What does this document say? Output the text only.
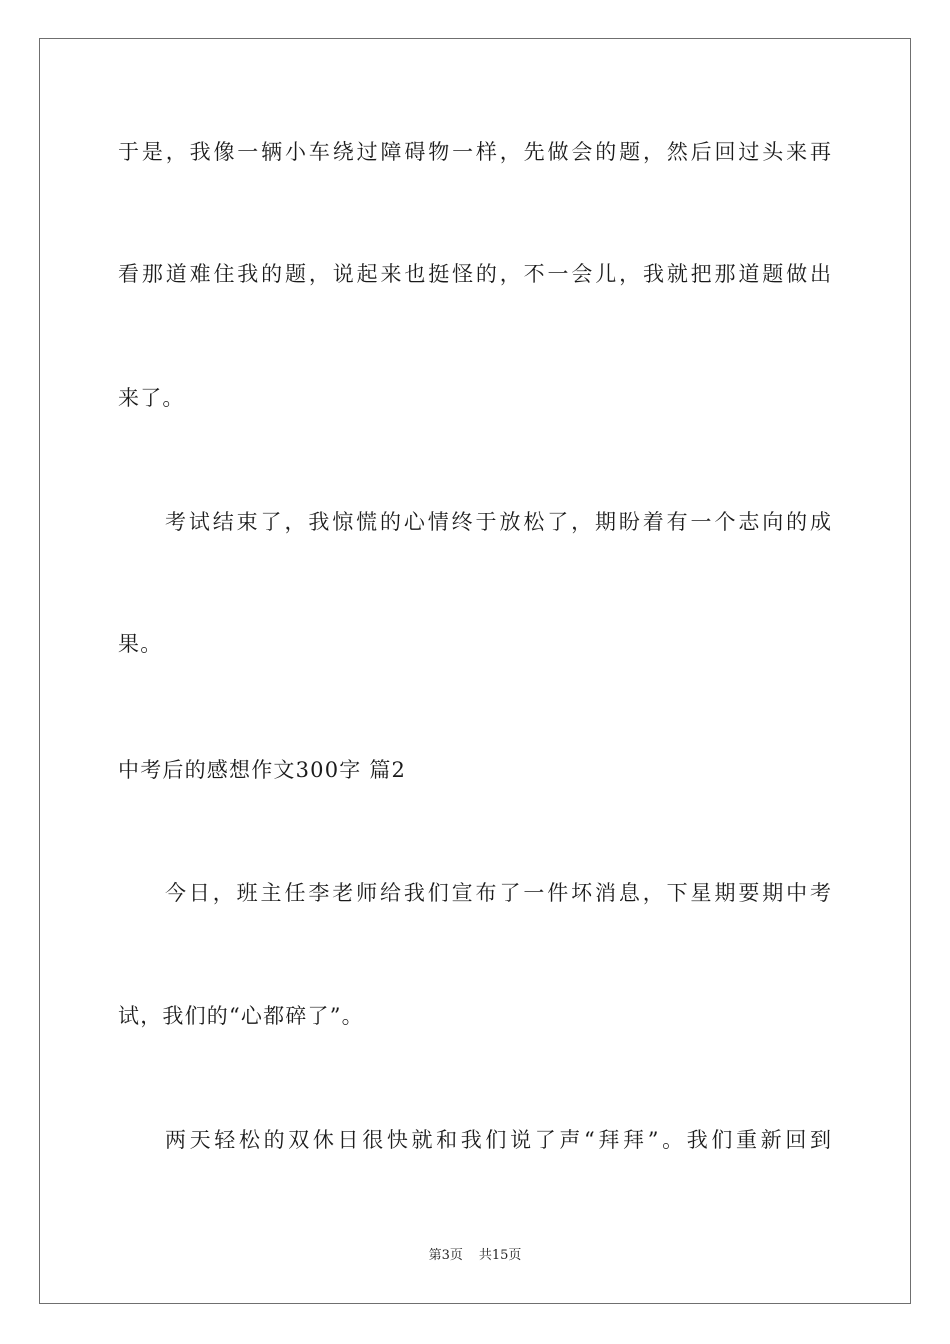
于是，我像一辆小车绕过障碍物一样，先做会的题，然后回过头来再
看那道难住我的题，说起来也挺怪的，不一会儿，我就把那道题做出
来了。
考试结束了，我惊慌的心情终于放松了，期盼着有一个志向的成
果。
中考后的感想作文300字 篇2
今日，班主任李老师给我们宣布了一件坏消息，下星期要期中考
试，我们的“心都碎了”。
两天轻松的双休日很快就和我们说了声“拜拜”。我们重新回到
第3页 共15页
